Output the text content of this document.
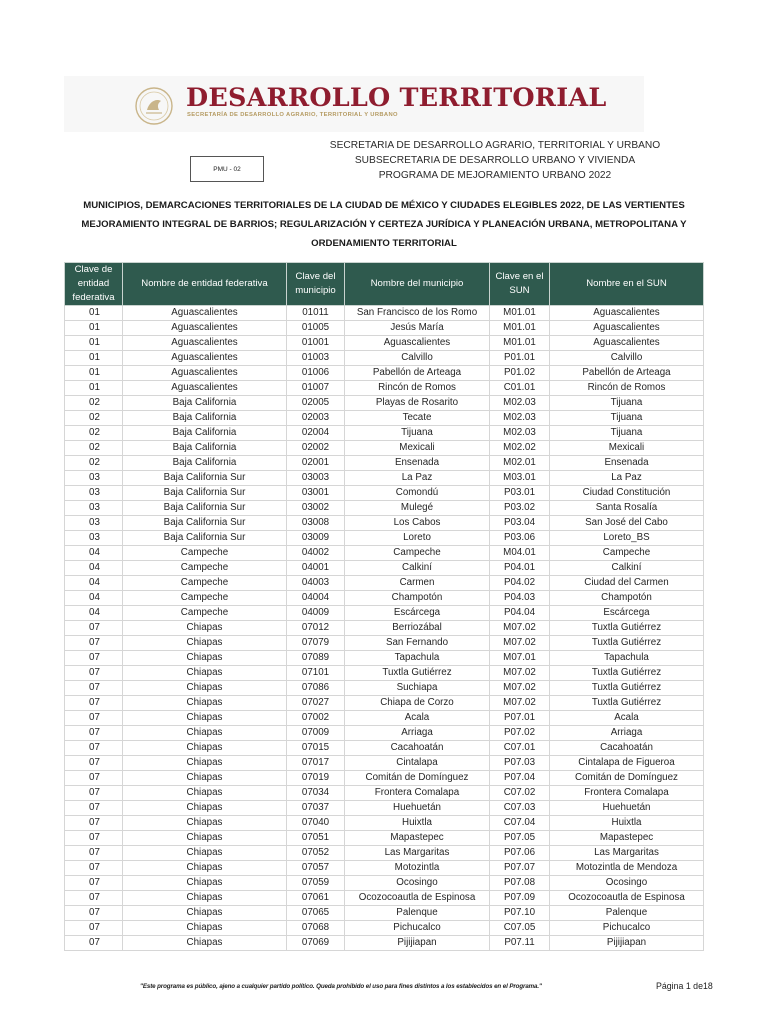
DESARROLLO TERRITORIAL
SECRETARÍA DE DESARROLLO AGRARIO, TERRITORIAL Y URBANO
SECRETARIA DE DESARROLLO AGRARIO, TERRITORIAL Y URBANO
SUBSECRETARIA DE DESARROLLO URBANO Y VIVIENDA
PROGRAMA DE MEJORAMIENTO URBANO 2022
PMU - 02
MUNICIPIOS, DEMARCACIONES TERRITORIALES DE LA CIUDAD DE MÉXICO Y CIUDADES ELEGIBLES 2022, DE LAS VERTIENTES MEJORAMIENTO INTEGRAL DE BARRIOS; REGULARIZACIÓN Y CERTEZA JURÍDICA Y PLANEACIÓN URBANA, METROPOLITANA Y ORDENAMIENTO TERRITORIAL
Clave de entidad federativa	Nombre de entidad federativa	Clave del municipio	Nombre del municipio	Clave en el SUN	Nombre en el SUN
01	Aguascalientes	01011	San Francisco de los Romo	M01.01	Aguascalientes
01	Aguascalientes	01005	Jesús María	M01.01	Aguascalientes
01	Aguascalientes	01001	Aguascalientes	M01.01	Aguascalientes
01	Aguascalientes	01003	Calvillo	P01.01	Calvillo
01	Aguascalientes	01006	Pabellón de Arteaga	P01.02	Pabellón de Arteaga
01	Aguascalientes	01007	Rincón de Romos	C01.01	Rincón de Romos
02	Baja California	02005	Playas de Rosarito	M02.03	Tijuana
02	Baja California	02003	Tecate	M02.03	Tijuana
02	Baja California	02004	Tijuana	M02.03	Tijuana
02	Baja California	02002	Mexicali	M02.02	Mexicali
02	Baja California	02001	Ensenada	M02.01	Ensenada
03	Baja California Sur	03003	La Paz	M03.01	La Paz
03	Baja California Sur	03001	Comondú	P03.01	Ciudad Constitución
03	Baja California Sur	03002	Mulegé	P03.02	Santa Rosalía
03	Baja California Sur	03008	Los Cabos	P03.04	San José del Cabo
03	Baja California Sur	03009	Loreto	P03.06	Loreto_BS
04	Campeche	04002	Campeche	M04.01	Campeche
04	Campeche	04001	Calkiní	P04.01	Calkiní
04	Campeche	04003	Carmen	P04.02	Ciudad del Carmen
04	Campeche	04004	Champotón	P04.03	Champotón
04	Campeche	04009	Escárcega	P04.04	Escárcega
07	Chiapas	07012	Berriozábal	M07.02	Tuxtla Gutiérrez
07	Chiapas	07079	San Fernando	M07.02	Tuxtla Gutiérrez
07	Chiapas	07089	Tapachula	M07.01	Tapachula
07	Chiapas	07101	Tuxtla Gutiérrez	M07.02	Tuxtla Gutiérrez
07	Chiapas	07086	Suchiapa	M07.02	Tuxtla Gutiérrez
07	Chiapas	07027	Chiapa de Corzo	M07.02	Tuxtla Gutiérrez
07	Chiapas	07002	Acala	P07.01	Acala
07	Chiapas	07009	Arriaga	P07.02	Arriaga
07	Chiapas	07015	Cacahoatán	C07.01	Cacahoatán
07	Chiapas	07017	Cintalapa	P07.03	Cintalapa de Figueroa
07	Chiapas	07019	Comitán de Domínguez	P07.04	Comitán de Domínguez
07	Chiapas	07034	Frontera Comalapa	C07.02	Frontera Comalapa
07	Chiapas	07037	Huehuetán	C07.03	Huehuetán
07	Chiapas	07040	Huixtla	C07.04	Huixtla
07	Chiapas	07051	Mapastepec	P07.05	Mapastepec
07	Chiapas	07052	Las Margaritas	P07.06	Las Margaritas
07	Chiapas	07057	Motozintla	P07.07	Motozintla de Mendoza
07	Chiapas	07059	Ocosingo	P07.08	Ocosingo
07	Chiapas	07061	Ocozocoautla de Espinosa	P07.09	Ocozocoautla de Espinosa
07	Chiapas	07065	Palenque	P07.10	Palenque
07	Chiapas	07068	Pichucalco	C07.05	Pichucalco
07	Chiapas	07069	Pijijiapan	P07.11	Pijijiapan
"Este programa es público, ajeno a cualquier partido político. Queda prohibido el uso para fines distintos a los establecidos en el Programa."	Página 1 de18
